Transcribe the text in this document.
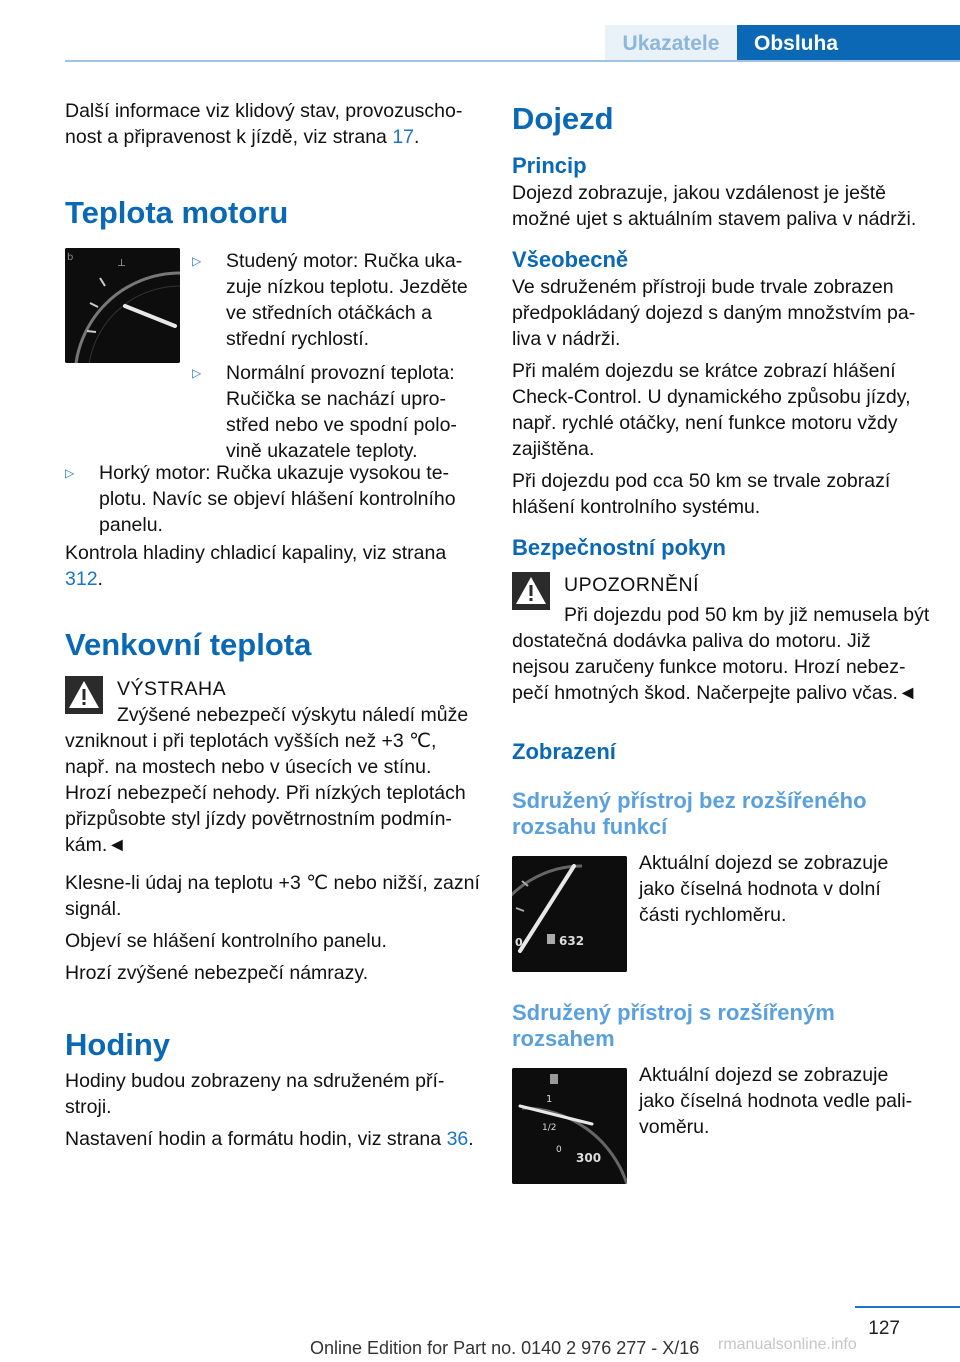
Ukazatele	Obsluha

Další informace viz klidový stav, provozuscho-nost a připravenost k jízdě, viz strana 17.

Teplota motoru
⊥
b	▷	Studený motor: Ručka uka-zuje nízkou teplotu. Jezděte ve středních otáčkách a střední rychlostí.
▷	Normální provozní teplota: Ručička se nachází upro-střed nebo ve spodní polo-vině ukazatele teploty.
▷	Horký motor: Ručka ukazuje vysokou te-plotu. Navíc se objeví hlášení kontrolního panelu.

Kontrola hladiny chladicí kapaliny, viz strana 312.

Venkovní teplota
VÝSTRAHA

Zvýšené nebezpečí výskytu náledí může vzniknout i při teplotách vyšších než +3 ℃, např. na mostech nebo v úsecích ve stínu. Hrozí nebezpečí nehody. Při nízkých teplotách přizpůsobte styl jízdy povětrnostním podmín-kám.◄

Klesne-li údaj na teplotu +3 ℃ nebo nižší, zazní signál.

Objeví se hlášení kontrolního panelu.

Hrozí zvýšené nebezpečí námrazy.

Hodiny

Hodiny budou zobrazeny na sdruženém pří-stroji.

Nastavení hodin a formátu hodin, viz strana 36.

Dojezd
Princip

Dojezd zobrazuje, jakou vzdálenost je ještě možné ujet s aktuálním stavem paliva v nádrži.

Všeobecně

Ve sdruženém přístroji bude trvale zobrazen předpokládaný dojezd s daným množstvím pa-liva v nádrži.

Při malém dojezdu se krátce zobrazí hlášení Check-Control. U dynamického způsobu jízdy, např. rychlé otáčky, není funkce motoru vždy zajištěna.

Při dojezdu pod cca 50 km se trvale zobrazí hlášení kontrolního systému.

Bezpečnostní pokyn
UPOZORNĚNÍ

Při dojezdu pod 50 km by již nemusela být dostatečná dodávka paliva do motoru. Již nejsou zaručeny funkce motoru. Hrozí nebez-pečí hmotných škod. Načerpejte palivo včas.◄

Zobrazení
Sdružený přístroj bez rozšířeného rozsahu funkcí
0	632

Aktuální dojezd se zobrazuje jako číselná hodnota v dolní části rychloměru.

Sdružený přístroj s rozšířeným rozsahem
1
1/2
0
300

Aktuální dojezd se zobrazuje jako číselná hodnota vedle pali-voměru.

127
Online Edition for Part no. 0140 2 976 277 - X/16 rmanualsonline.info
